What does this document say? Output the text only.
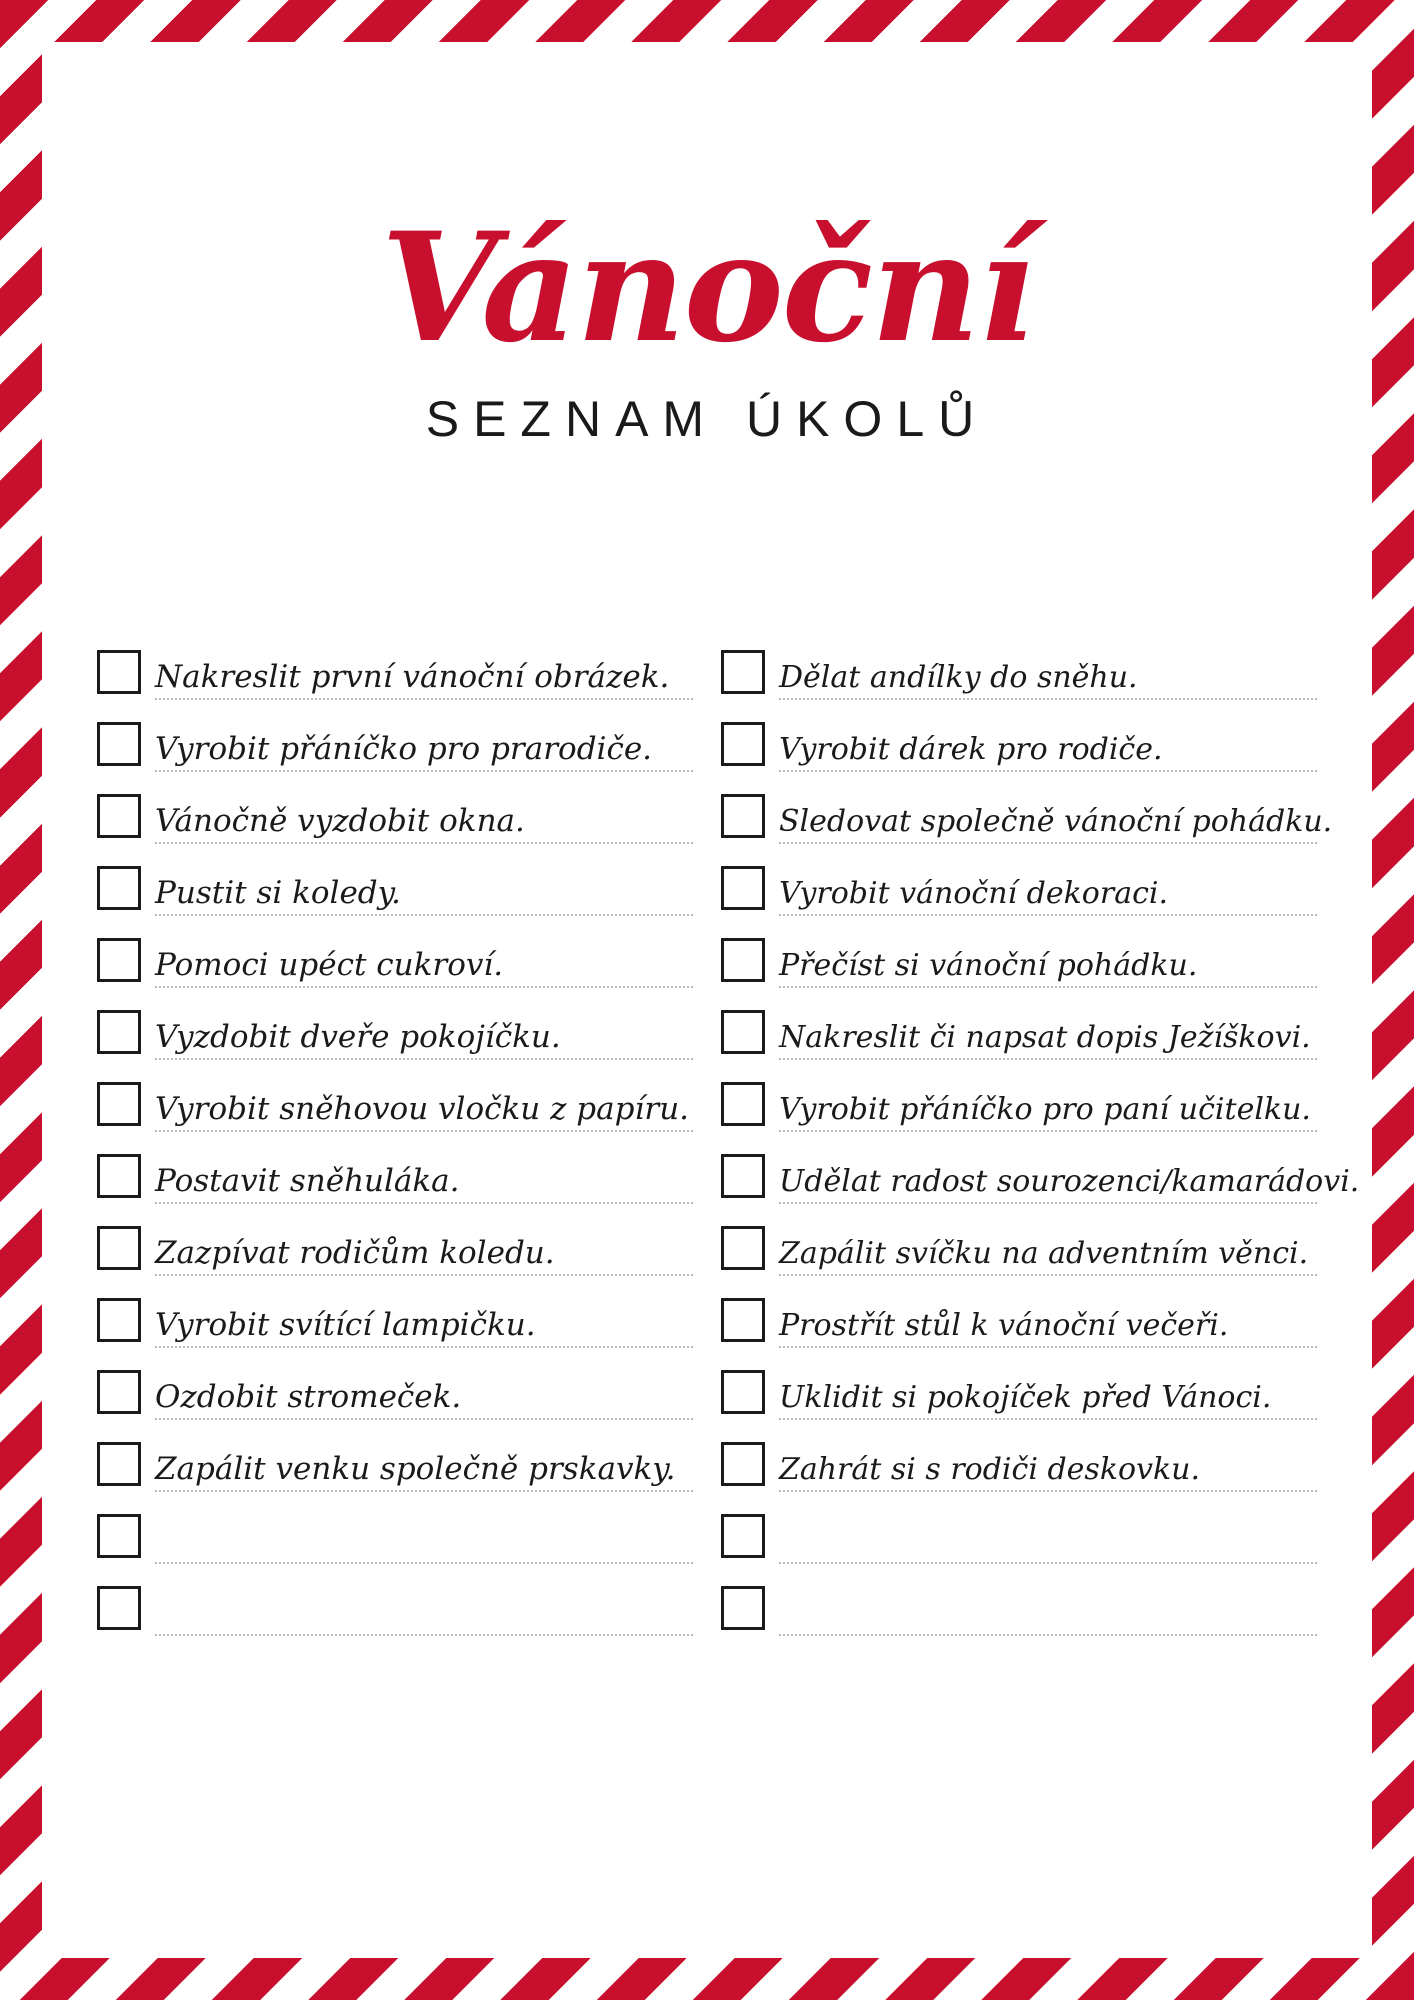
Vánoční
SEZNAM ÚKOLŮ
Nakreslit první vánoční obrázek.
Vyrobit přáníčko pro prarodiče.
Vánočně vyzdobit okna.
Pustit si koledy.
Pomoci upéct cukroví.
Vyzdobit dveře pokojíčku.
Vyrobit sněhovou vločku z papíru.
Postavit sněhuláka.
Zazpívat rodičům koledu.
Vyrobit svítící lampičku.
Ozdobit stromeček.
Zapálit venku společně prskavky.
Dělat andílky do sněhu.
Vyrobit dárek pro rodiče.
Sledovat společně vánoční pohádku.
Vyrobit vánoční dekoraci.
Přečíst si vánoční pohádku.
Nakreslit či napsat dopis Ježíškovi.
Vyrobit přáníčko pro paní učitelku.
Udělat radost sourozenci/kamarádovi.
Zapálit svíčku na adventním věnci.
Prostřít stůl k vánoční večeři.
Uklidit si pokojíček před Vánoci.
Zahrát si s rodiči deskovku.
